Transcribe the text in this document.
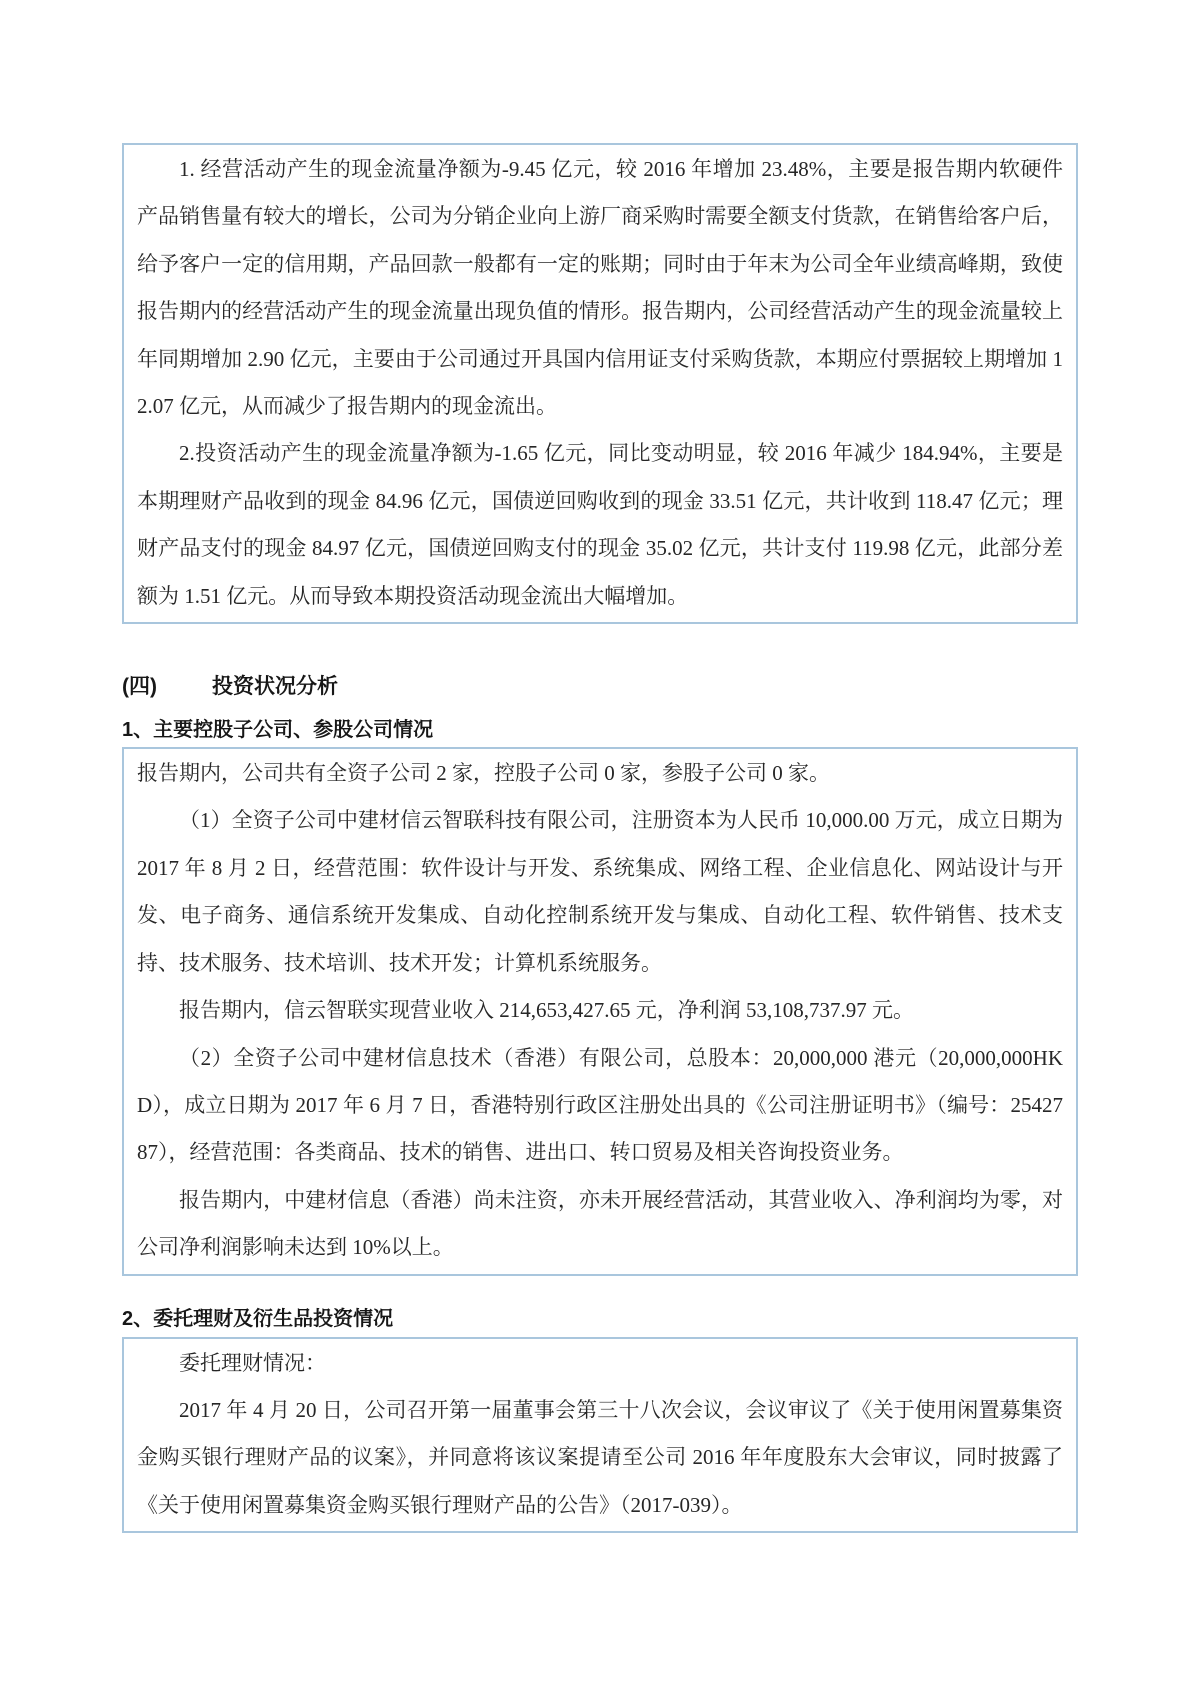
1. 经营活动产生的现金流量净额为-9.45 亿元，较 2016 年增加 23.48%，主要是报告期内软硬件产品销售量有较大的增长，公司为分销企业向上游厂商采购时需要全额支付货款，在销售给客户后，给予客户一定的信用期，产品回款一般都有一定的账期；同时由于年末为公司全年业绩高峰期，致使报告期内的经营活动产生的现金流量出现负值的情形。报告期内，公司经营活动产生的现金流量较上年同期增加 2.90 亿元，主要由于公司通过开具国内信用证支付采购货款，本期应付票据较上期增加 12.07 亿元，从而减少了报告期内的现金流出。

2.投资活动产生的现金流量净额为-1.65 亿元，同比变动明显，较 2016 年减少 184.94%，主要是本期理财产品收到的现金 84.96 亿元，国债逆回购收到的现金 33.51 亿元，共计收到 118.47 亿元；理财产品支付的现金 84.97 亿元，国债逆回购支付的现金 35.02 亿元，共计支付 119.98 亿元，此部分差额为 1.51 亿元。从而导致本期投资活动现金流出大幅增加。

(四)	投资状况分析
1、主要控股子公司、参股公司情况

报告期内，公司共有全资子公司 2 家，控股子公司 0 家，参股子公司 0 家。

（1）全资子公司中建材信云智联科技有限公司，注册资本为人民币 10,000.00 万元，成立日期为 2017 年 8 月 2 日，经营范围：软件设计与开发、系统集成、网络工程、企业信息化、网站设计与开发、电子商务、通信系统开发集成、自动化控制系统开发与集成、自动化工程、软件销售、技术支持、技术服务、技术培训、技术开发；计算机系统服务。

报告期内，信云智联实现营业收入 214,653,427.65 元，净利润 53,108,737.97 元。

（2）全资子公司中建材信息技术（香港）有限公司，总股本：20,000,000 港元（20,000,000HKD），成立日期为 2017 年 6 月 7 日，香港特别行政区注册处出具的《公司注册证明书》（编号：2542787），经营范围：各类商品、技术的销售、进出口、转口贸易及相关咨询投资业务。

报告期内，中建材信息（香港）尚未注资，亦未开展经营活动，其营业收入、净利润均为零，对公司净利润影响未达到 10%以上。

2、委托理财及衍生品投资情况

委托理财情况：

2017 年 4 月 20 日，公司召开第一届董事会第三十八次会议，会议审议了《关于使用闲置募集资金购买银行理财产品的议案》，并同意将该议案提请至公司 2016 年年度股东大会审议，同时披露了《关于使用闲置募集资金购买银行理财产品的公告》（2017-039）。
